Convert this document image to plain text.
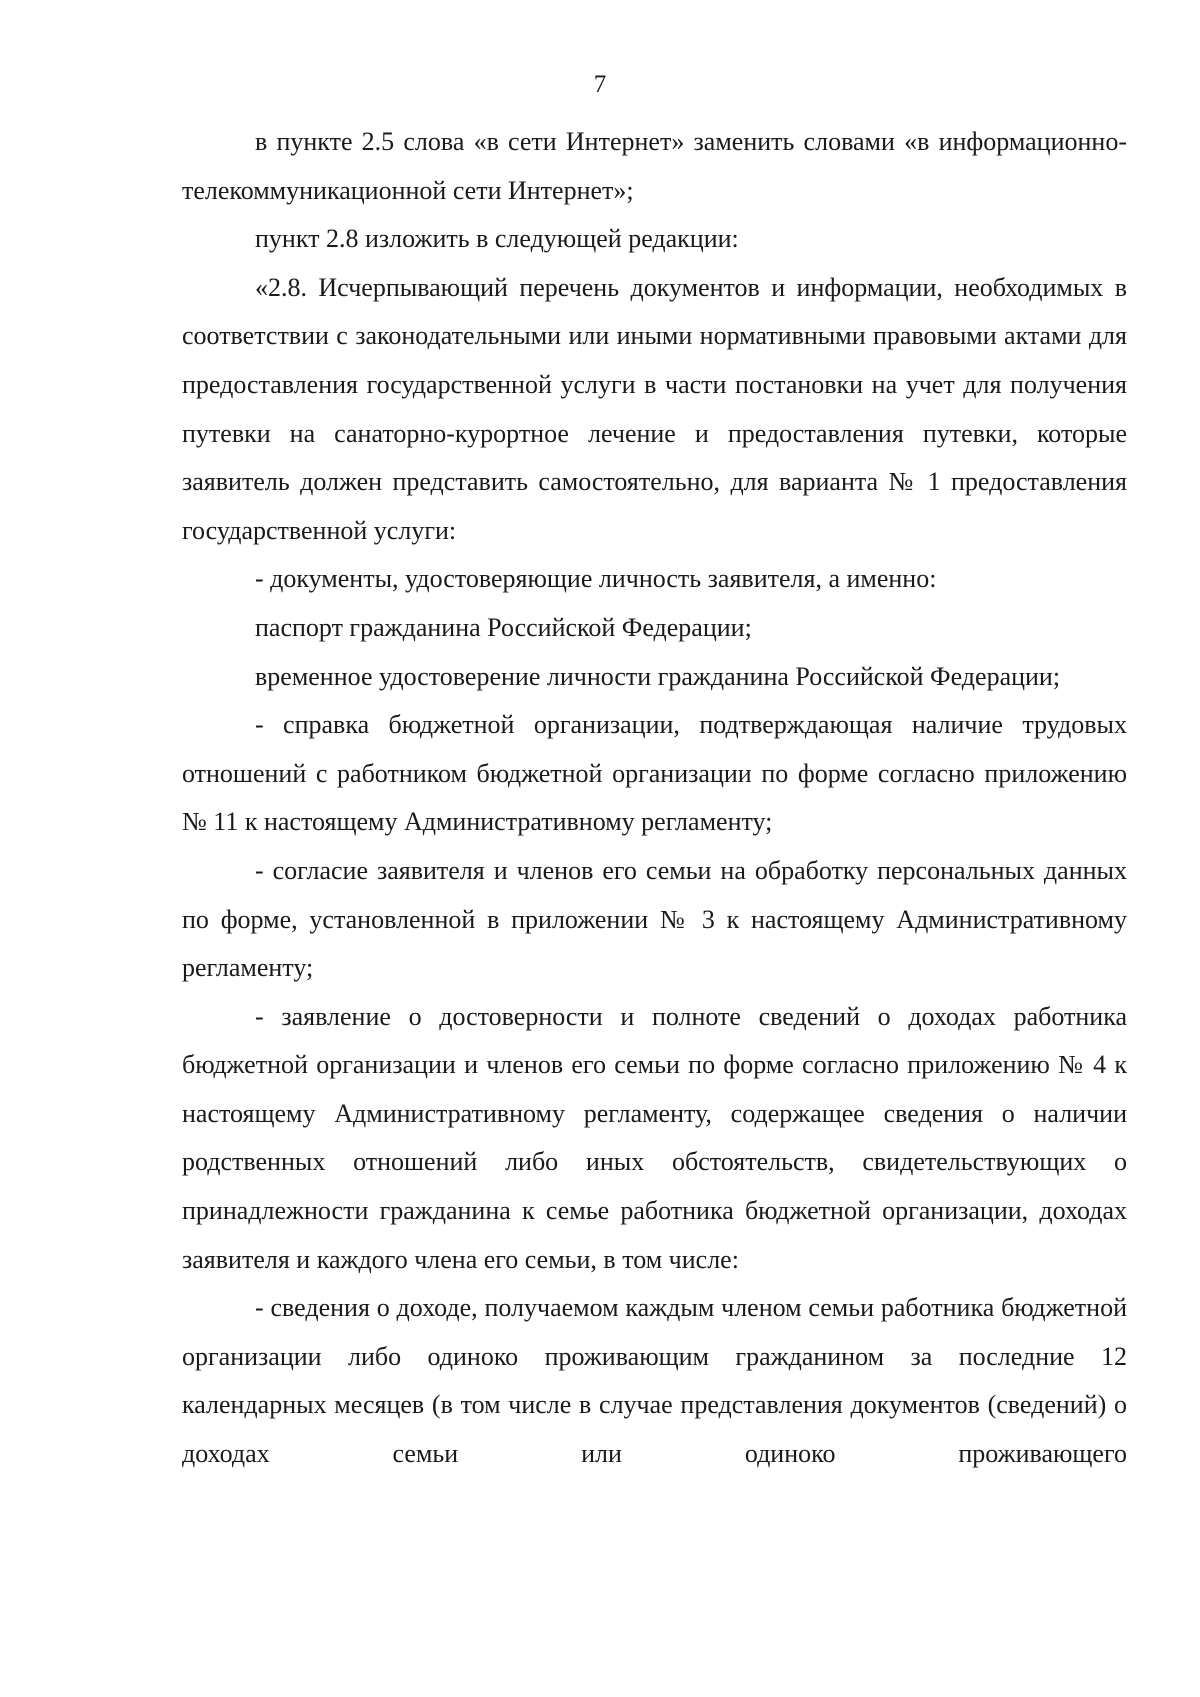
7

в пункте 2.5 слова «в сети Интернет» заменить словами «в информационно-телекоммуникационной сети Интернет»;

пункт 2.8 изложить в следующей редакции:

«2.8. Исчерпывающий перечень документов и информации, необходимых в соответствии с законодательными или иными нормативными правовыми актами для предоставления государственной услуги в части постановки на учет для получения путевки на санаторно-курортное лечение и предоставления путевки, которые заявитель должен представить самостоятельно, для варианта № 1 предоставления государственной услуги:

- документы, удостоверяющие личность заявителя, а именно:

паспорт гражданина Российской Федерации;

временное удостоверение личности гражданина Российской Федерации;

- справка бюджетной организации, подтверждающая наличие трудовых отношений с работником бюджетной организации по форме согласно приложению № 11 к настоящему Административному регламенту;

- согласие заявителя и членов его семьи на обработку персональных данных по форме, установленной в приложении № 3 к настоящему Административному регламенту;

- заявление о достоверности и полноте сведений о доходах работника бюджетной организации и членов его семьи по форме согласно приложению № 4 к настоящему Административному регламенту, содержащее сведения о наличии родственных отношений либо иных обстоятельств, свидетельствующих о принадлежности гражданина к семье работника бюджетной организации, доходах заявителя и каждого члена его семьи, в том числе:

- сведения о доходе, получаемом каждым членом семьи работника бюджетной организации либо одиноко проживающим гражданином за последние 12 календарных месяцев (в том числе в случае представления документов (сведений) о доходах семьи или одиноко проживающего
